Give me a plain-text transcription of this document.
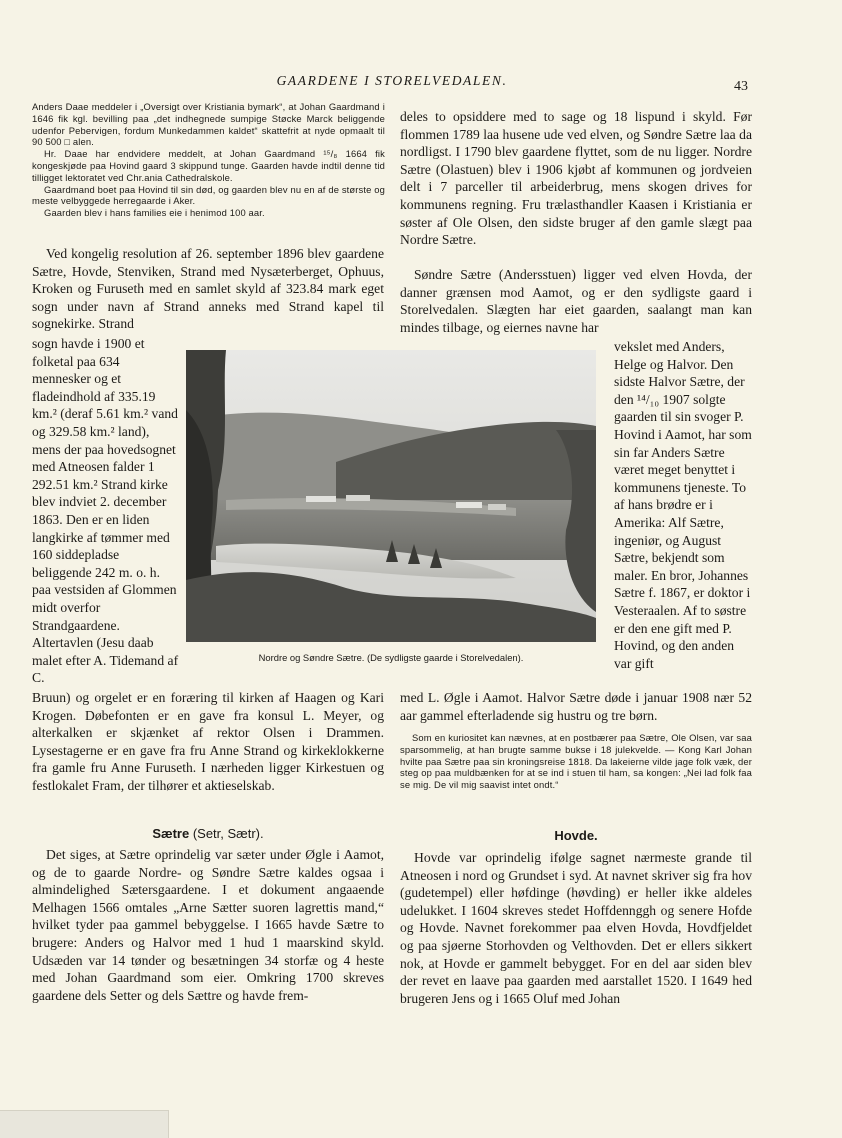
GAARDENE I STORELVEDALEN.	43

Anders Daae meddeler i „Oversigt over Kristiania bymark“, at Johan Gaardmand i 1646 fik kgl. bevilling paa „det indhegnede sumpige Støcke Marck beliggende udenfor Pebervigen, fordum Munkedammen kaldet“ skattefrit at nyde opmaalt til 90 500 □ alen.

Hr. Daae har endvidere meddelt, at Johan Gaardmand ¹⁵/₈ 1664 fik kongeskjøde paa Hovind gaard 3 skippund tunge. Gaarden havde indtil denne tid tilligget lektoratet ved Chr.ania Cathedralskole.

Gaardmand boet paa Hovind til sin død, og gaarden blev nu en af de største og meste velbyggede herregaarde i Aker.

Gaarden blev i hans families eie i henimod 100 aar.

Ved kongelig resolution af 26. september 1896 blev gaardene Sætre, Hovde, Stenviken, Strand med Nysæterberget, Ophuus, Kroken og Furuseth med en samlet skyld af 323.84 mark eget sogn under navn af Strand anneks med Strand kapel til sognekirke. Strand

sogn havde i 1900 et folketal paa 634 mennesker og et fladeindhold af 335.19 km.² (deraf 5.61 km.² vand og 329.58 km.² land), mens der paa hovedsognet med Atneosen falder 1 292.51 km.² Strand kirke blev indviet 2. december 1863. Den er en liden langkirke af tømmer med 160 siddepladse beliggende 242 m. o. h. paa vestsiden af Glommen midt overfor Strandgaardene. Altertavlen (Jesu daab malet efter A. Tidemand af C.

Bruun) og orgelet er en foræring til kirken af Haagen og Kari Krogen. Døbefonten er en gave fra konsul L. Meyer, og alterkalken er skjænket af rektor Olsen i Drammen. Lysestagerne er en gave fra fru Anne Strand og kirkeklokkerne fra gamle fru Anne Furuseth. I nærheden ligger Kirkestuen og festlokalet Fram, der tilhører et aktieselskab.

Sætre (Setr, Sætr).

Det siges, at Sætre oprindelig var sæter under Øgle i Aamot, og de to gaarde Nordre- og Søndre Sætre kaldes ogsaa i almindelighed Sætersgaardene. I et dokument angaaende Melhagen 1566 omtales „Arne Sætter suoren lagrettis mand,“ hvilket tyder paa gammel bebyggelse. I 1665 havde Sætre to brugere: Anders og Halvor med 1 hud 1 maarskind skyld. Udsæden var 14 tønder og besætningen 34 storfæ og 4 heste med Johan Gaardmand som eier. Omkring 1700 skreves gaardene dels Setter og dels Sættre og havde frem-

deles to opsiddere med to sage og 18 lispund i skyld. Før flommen 1789 laa husene ude ved elven, og Søndre Sætre laa da nordligst. I 1790 blev gaardene flyttet, som de nu ligger. Nordre Sætre (Olastuen) blev i 1906 kjøbt af kommunen og jordveien delt i 7 parceller til arbeiderbrug, mens skogen drives for kommunens regning. Fru trælasthandler Kaasen i Kristiania er søster af Ole Olsen, den sidste bruger af den gamle slægt paa Nordre Sætre.

Søndre Sætre (Andersstuen) ligger ved elven Hovda, der danner grænsen mod Aamot, og er den sydligste gaard i Storelvedalen. Slægten har eiet gaarden, saalangt man kan mindes tilbage, og eiernes navne har

vekslet med Anders, Helge og Halvor. Den sidste Halvor Sætre, der den ¹⁴/₁₀ 1907 solgte gaarden til sin svoger P. Hovind i Aamot, har som sin far Anders Sætre været meget benyttet i kommunens tjeneste. To af hans brødre er i Amerika: Alf Sætre, ingeniør, og August Sætre, bekjendt som maler. En bror, Johannes Sætre f. 1867, er doktor i Vesteraalen. Af to søstre er den ene gift med P. Hovind, og den anden var gift

med L. Øgle i Aamot. Halvor Sætre døde i januar 1908 nær 52 aar gammel efterladende sig hustru og tre børn.

Som en kuriositet kan nævnes, at en postbærer paa Sætre, Ole Olsen, var saa sparsommelig, at han brugte samme bukse i 18 julekvelde. — Kong Karl Johan hvilte paa Sætre paa sin kroningsreise 1818. Da lakeierne vilde jage folk væk, der steg op paa muldbænken for at se ind i stuen til ham, sa kongen: „Nei lad folk faa se mig. De vil mig saavist intet ondt.“

Hovde.

Hovde var oprindelig ifølge sagnet nærmeste grande til Atneosen i nord og Grundset i syd. At navnet skriver sig fra hov (gudetempel) eller høfdinge (høvding) er heller ikke aldeles udelukket. I 1604 skreves stedet Hoffdennggh og senere Hofde og Hovde. Navnet forekommer paa elven Hovda, Hovdfjeldet og paa sjøerne Storhovden og Velthovden. Det er ellers sikkert nok, at Hovde er gammelt bebygget. For en del aar siden blev der revet en laave paa gaarden med aarstallet 1520. I 1649 hed brugeren Jens og i 1665 Oluf med Johan

Nordre og Søndre Sætre. (De sydligste gaarde i Storelvedalen).
